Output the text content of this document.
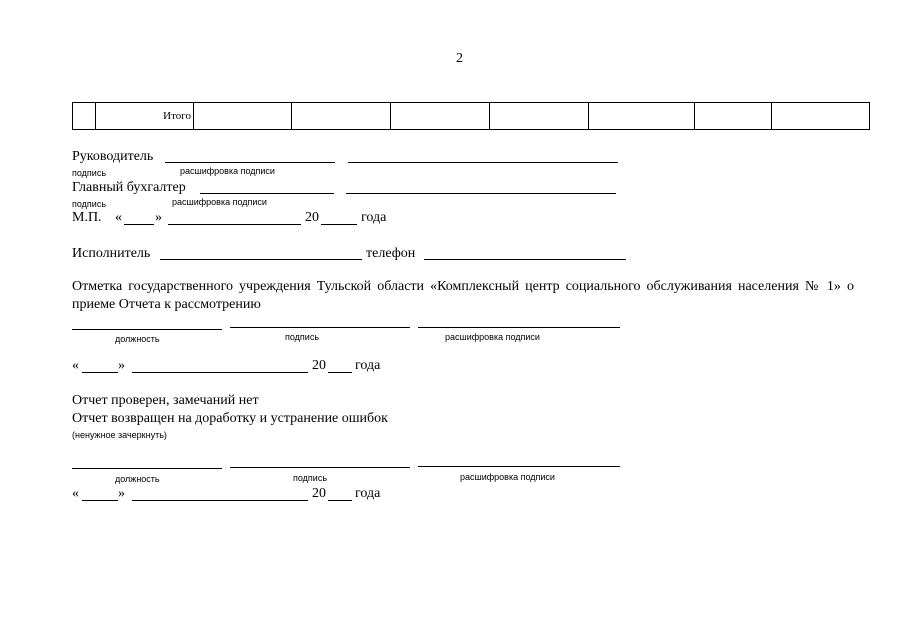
2
	Итого							
Руководитель
подпись	расшифровка подписи
Главный бухгалтер
подпись	расшифровка подписи
М.П. « »	20	года
Исполнитель	телефон
Отметка государственного учреждения Тульской области «Комплексный центр социального обслуживания населения № 1» о приеме Отчета к рассмотрению
должность	подпись	расшифровка подписи
«	»	20 года
Отчет проверен, замечаний нет
Отчет возвращен на доработку и устранение ошибок
(ненужное зачеркнуть)
должность	подпись	расшифровка подписи
«	»	20 года
